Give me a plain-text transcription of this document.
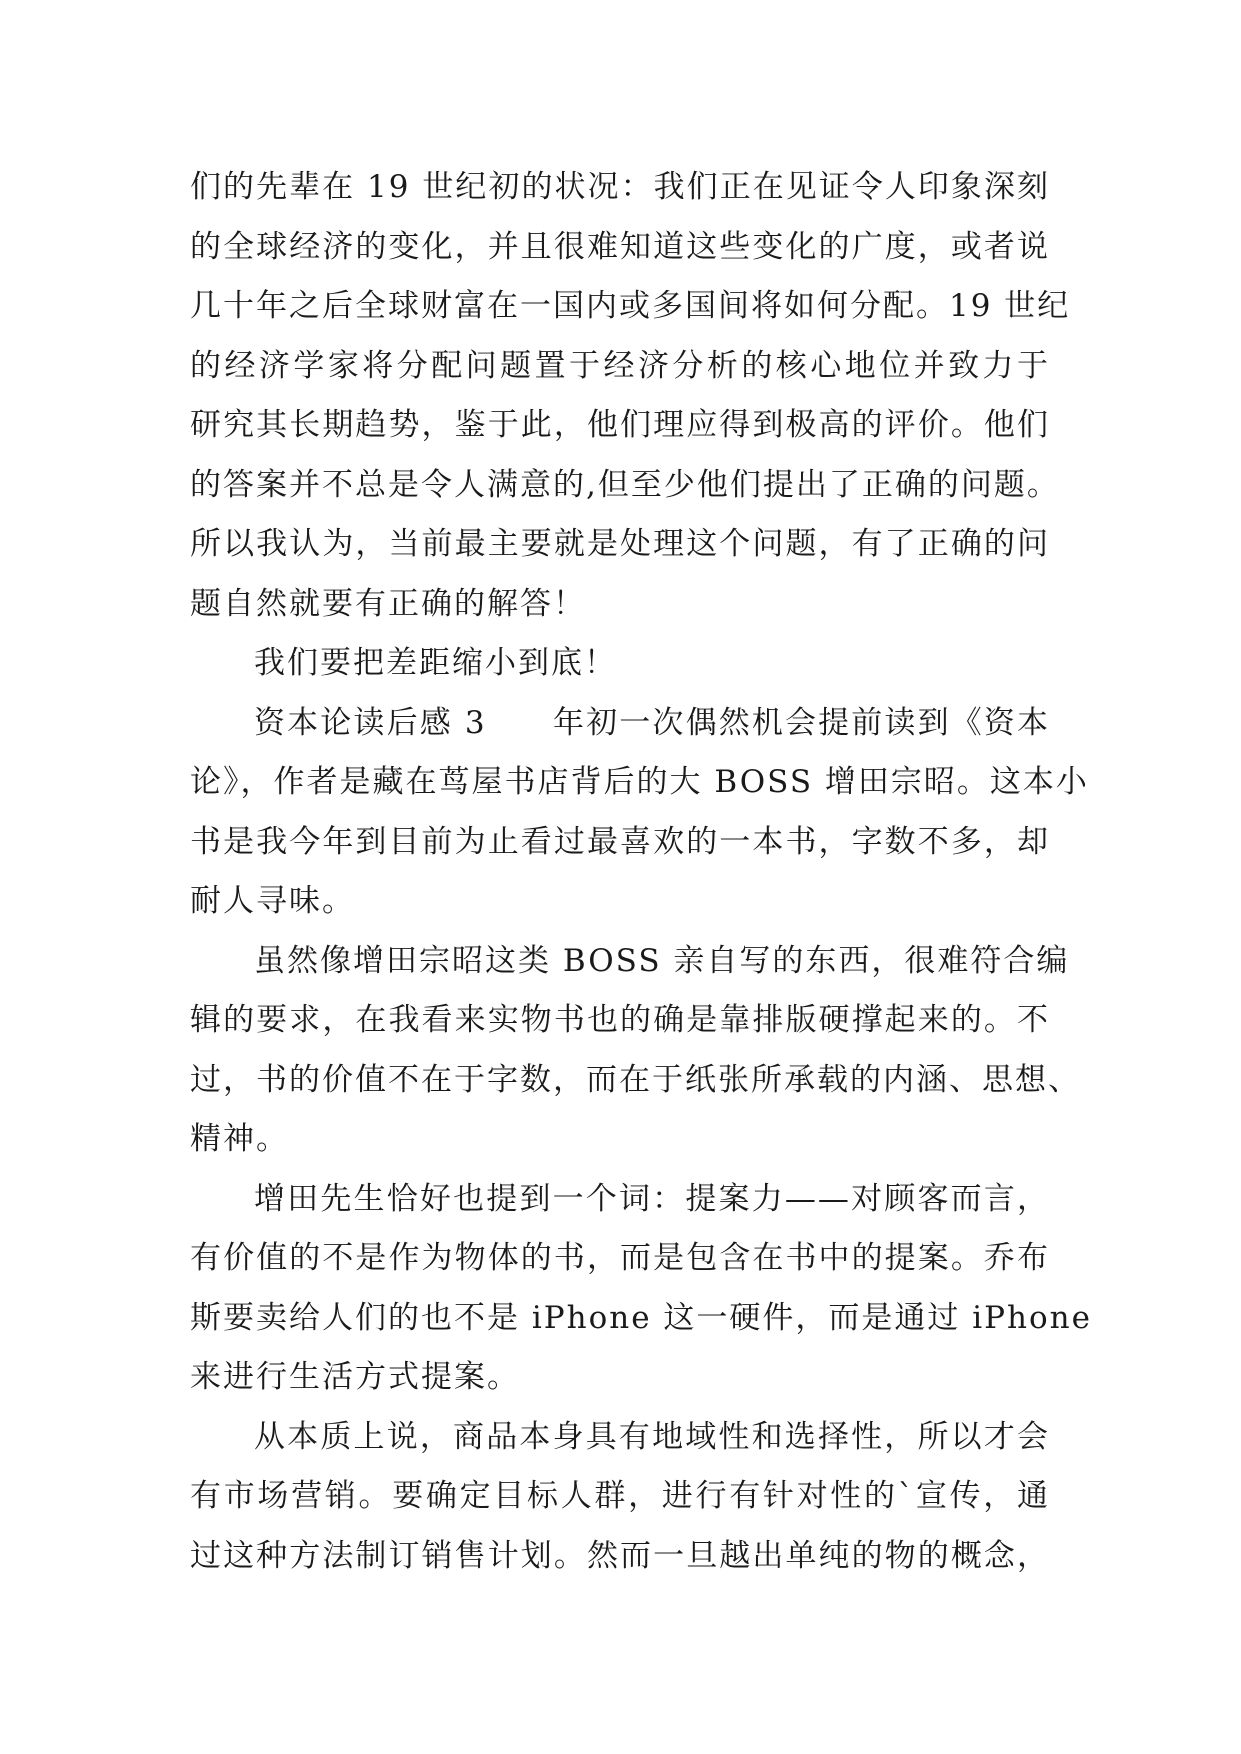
们的先辈在 19 世纪初的状况：我们正在见证令人印象深刻
的全球经济的变化，并且很难知道这些变化的广度，或者说
几十年之后全球财富在一国内或多国间将如何分配。19 世纪
的经济学家将分配问题置于经济分析的核心地位并致力于
研究其长期趋势，鉴于此，他们理应得到极高的评价。他们
的答案并不总是令人满意的,但至少他们提出了正确的问题。
所以我认为，当前最主要就是处理这个问题，有了正确的问
题自然就要有正确的解答！
我们要把差距缩小到底！
资本论读后感 3　　年初一次偶然机会提前读到《资本
论》，作者是藏在茑屋书店背后的大 BOSS 增田宗昭。这本小
书是我今年到目前为止看过最喜欢的一本书，字数不多，却
耐人寻味。
虽然像增田宗昭这类 BOSS 亲自写的东西，很难符合编
辑的要求，在我看来实物书也的确是靠排版硬撑起来的。不
过，书的价值不在于字数，而在于纸张所承载的内涵、思想、
精神。
增田先生恰好也提到一个词：提案力——对顾客而言，
有价值的不是作为物体的书，而是包含在书中的提案。乔布
斯要卖给人们的也不是 iPhone 这一硬件，而是通过 iPhone
来进行生活方式提案。
从本质上说，商品本身具有地域性和选择性，所以才会
有市场营销。要确定目标人群，进行有针对性的`宣传，通
过这种方法制订销售计划。然而一旦越出单纯的物的概念，
